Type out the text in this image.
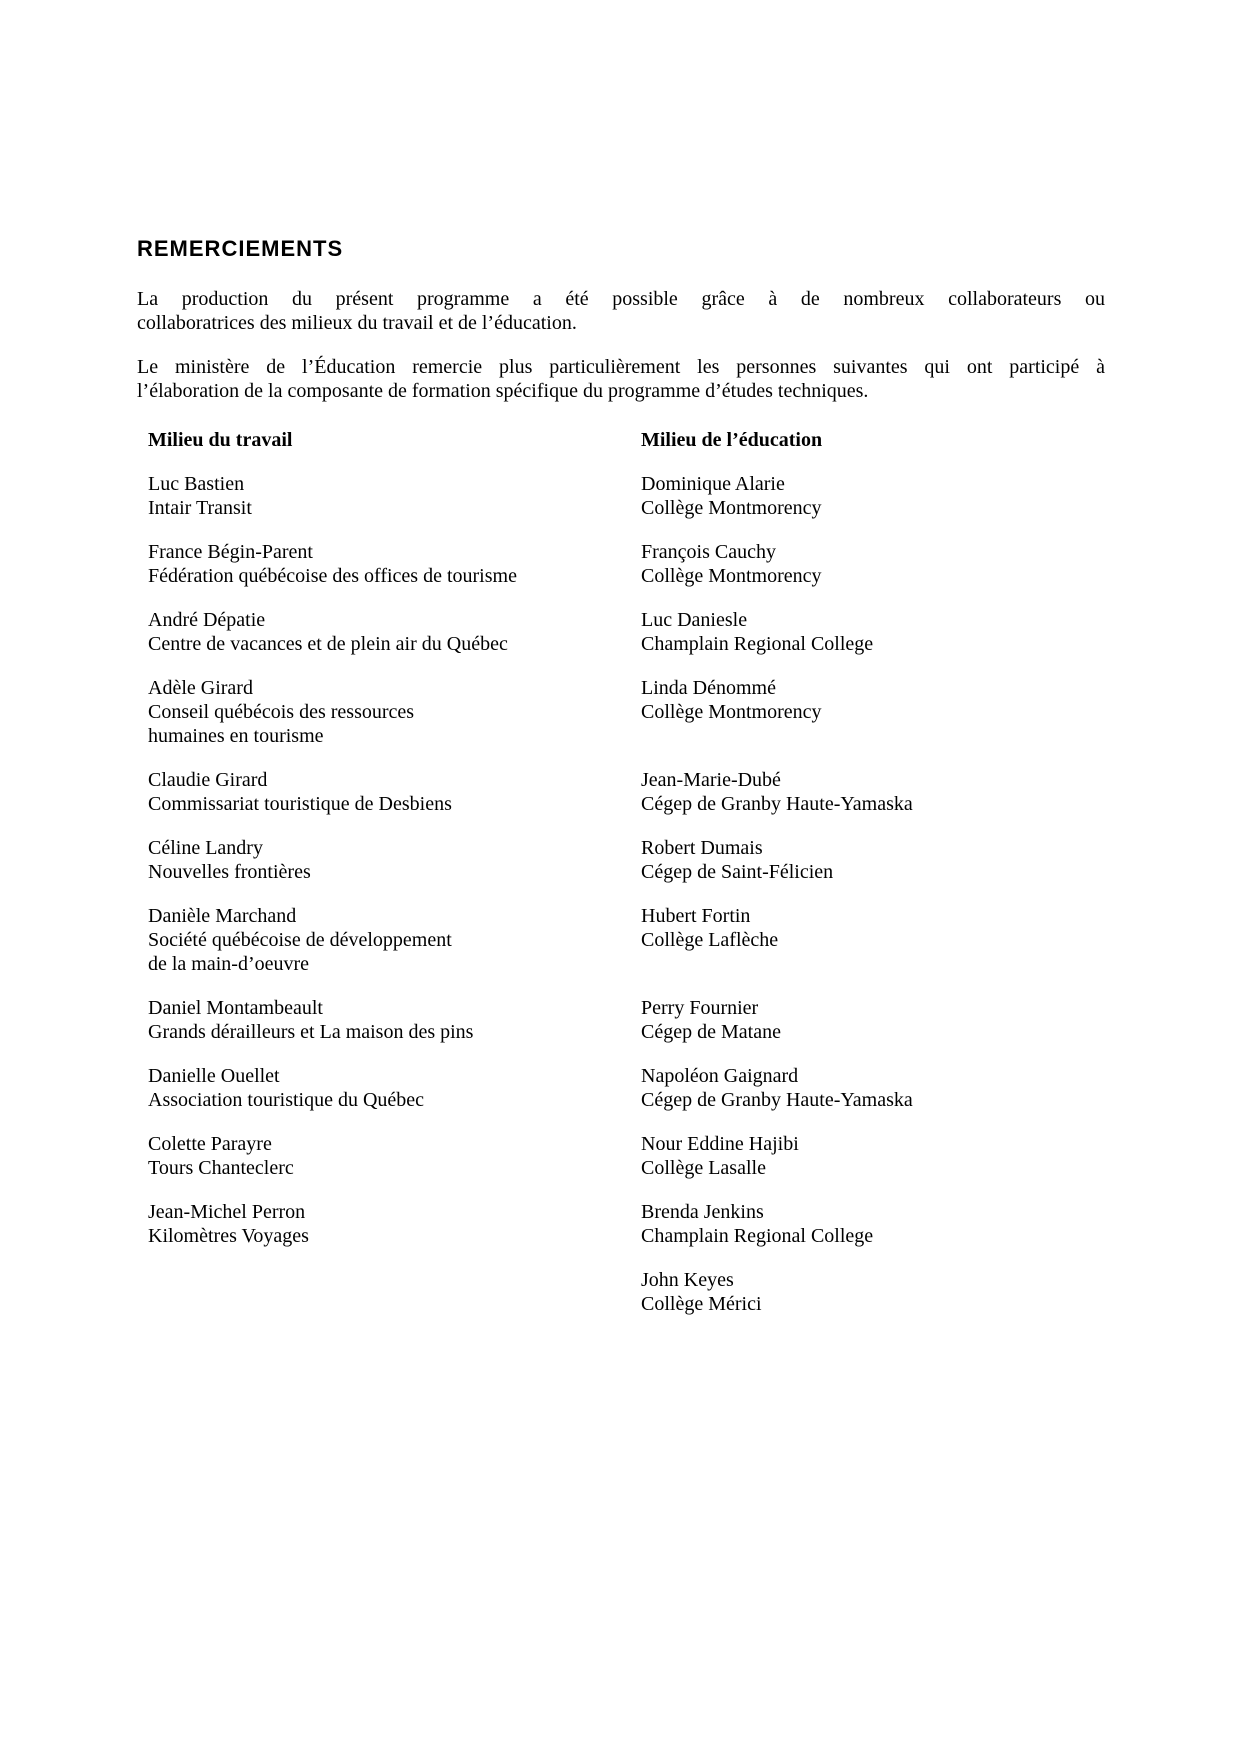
REMERCIEMENTS
La production du présent programme a été possible grâce à de nombreux collaborateurs ou
collaboratrices des milieux du travail et de l’éducation.
Le ministère de l’Éducation remercie plus particulièrement les personnes suivantes qui ont participé à
l’élaboration de la composante de formation spécifique du programme d’études techniques.
Milieu du travail	Milieu de l’éducation
Luc Bastien
Intair Transit
Dominique Alarie
Collège Montmorency
France Bégin-Parent
Fédération québécoise des offices de tourisme
François Cauchy
Collège Montmorency
André Dépatie
Centre de vacances et de plein air du Québec
Luc Daniesle
Champlain Regional College
Adèle Girard
Conseil québécois des ressources
humaines en tourisme
Linda Dénommé
Collège Montmorency
Claudie Girard
Commissariat touristique de Desbiens
Jean-Marie-Dubé
Cégep de Granby Haute-Yamaska
Céline Landry
Nouvelles frontières
Robert Dumais
Cégep de Saint-Félicien
Danièle Marchand
Société québécoise de développement
de la main-d’oeuvre
Hubert Fortin
Collège Laflèche
Daniel Montambeault
Grands dérailleurs et La maison des pins
Perry Fournier
Cégep de Matane
Danielle Ouellet
Association touristique du Québec
Napoléon Gaignard
Cégep de Granby Haute-Yamaska
Colette Parayre
Tours Chanteclerc
Nour Eddine Hajibi
Collège Lasalle
Jean-Michel Perron
Kilomètres Voyages
Brenda Jenkins
Champlain Regional College
John Keyes
Collège Mérici
